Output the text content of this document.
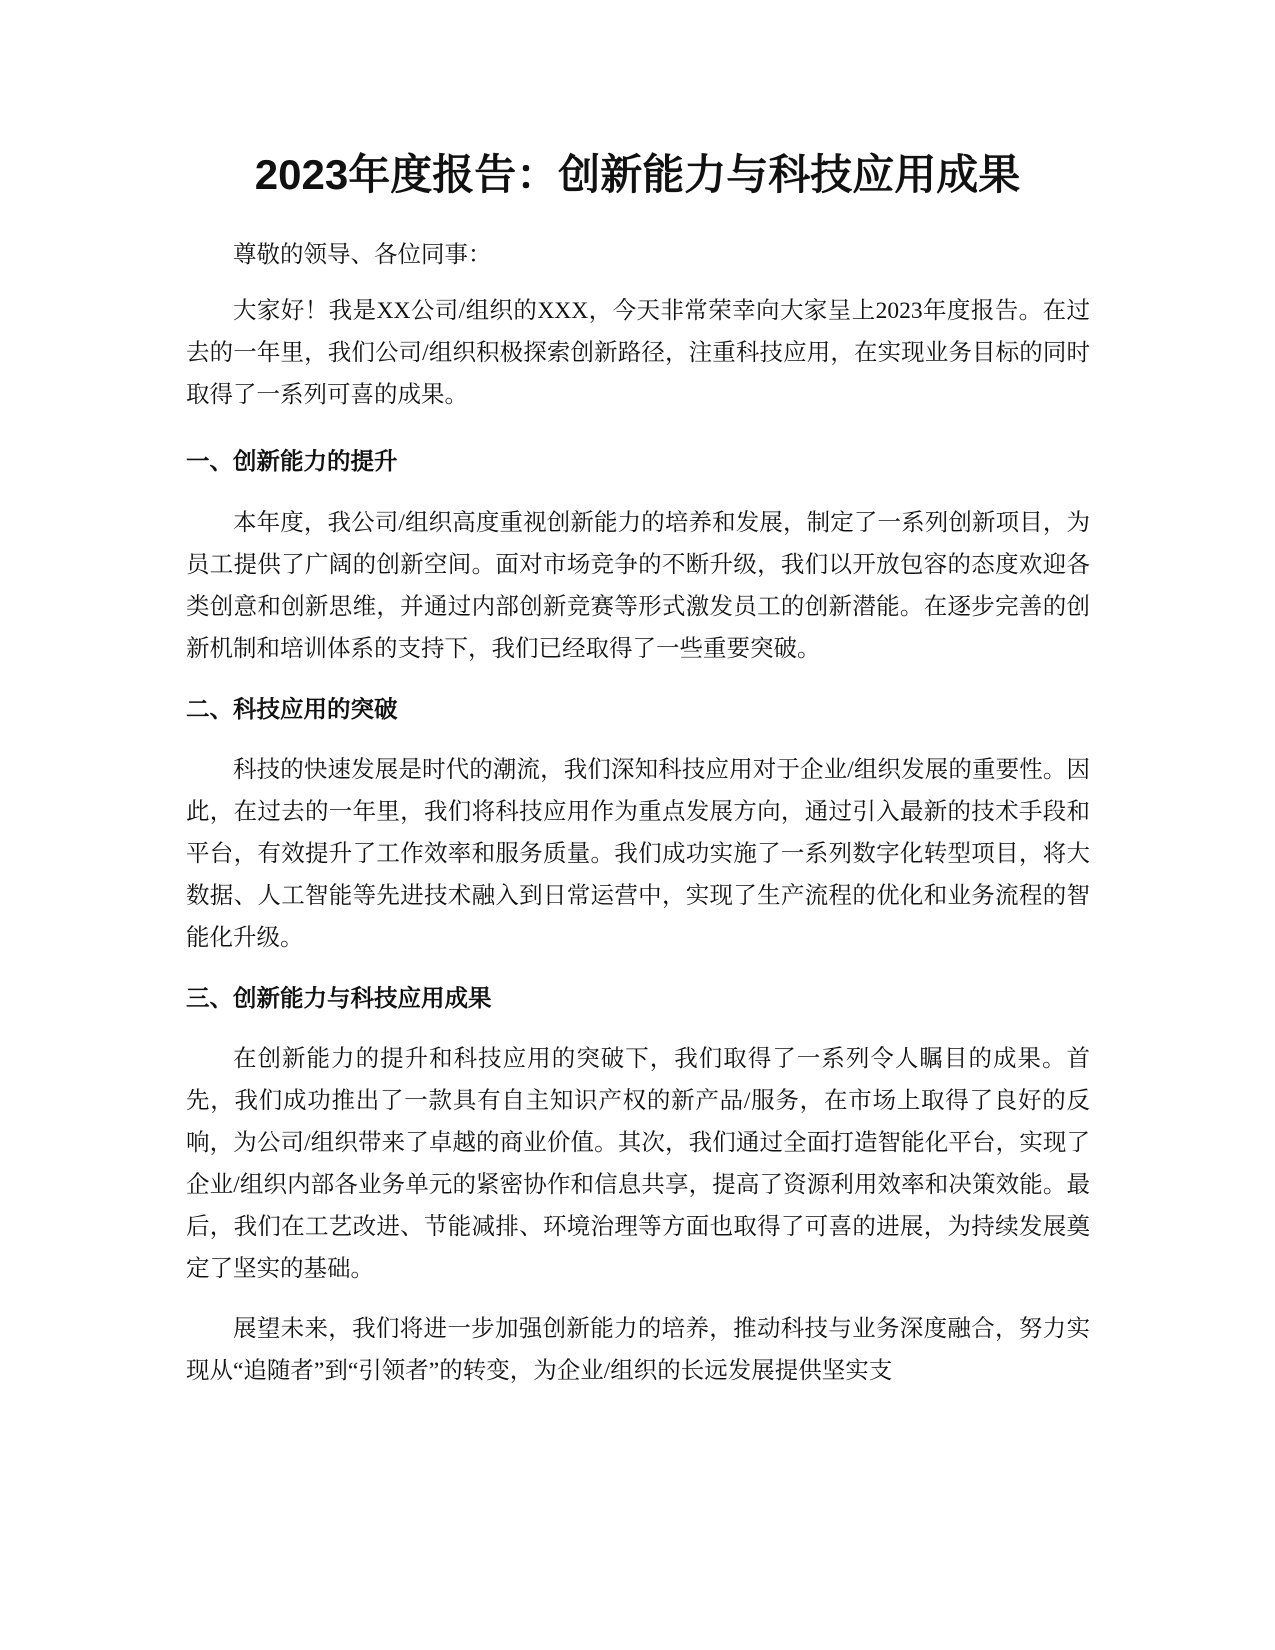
2023年度报告：创新能力与科技应用成果

尊敬的领导、各位同事：

大家好！我是XX公司/组织的XXX，今天非常荣幸向大家呈上2023年度报告。在过去的一年里，我们公司/组织积极探索创新路径，注重科技应用，在实现业务目标的同时取得了一系列可喜的成果。

一、创新能力的提升

本年度，我公司/组织高度重视创新能力的培养和发展，制定了一系列创新项目，为员工提供了广阔的创新空间。面对市场竞争的不断升级，我们以开放包容的态度欢迎各类创意和创新思维，并通过内部创新竞赛等形式激发员工的创新潜能。在逐步完善的创新机制和培训体系的支持下，我们已经取得了一些重要突破。

二、科技应用的突破

科技的快速发展是时代的潮流，我们深知科技应用对于企业/组织发展的重要性。因此，在过去的一年里，我们将科技应用作为重点发展方向，通过引入最新的技术手段和平台，有效提升了工作效率和服务质量。我们成功实施了一系列数字化转型项目，将大数据、人工智能等先进技术融入到日常运营中，实现了生产流程的优化和业务流程的智能化升级。

三、创新能力与科技应用成果

在创新能力的提升和科技应用的突破下，我们取得了一系列令人瞩目的成果。首先，我们成功推出了一款具有自主知识产权的新产品/服务，在市场上取得了良好的反响，为公司/组织带来了卓越的商业价值。其次，我们通过全面打造智能化平台，实现了企业/组织内部各业务单元的紧密协作和信息共享，提高了资源利用效率和决策效能。最后，我们在工艺改进、节能减排、环境治理等方面也取得了可喜的进展，为持续发展奠定了坚实的基础。

展望未来，我们将进一步加强创新能力的培养，推动科技与业务深度融合，努力实现从“追随者”到“引领者”的转变，为企业/组织的长远发展提供坚实支
